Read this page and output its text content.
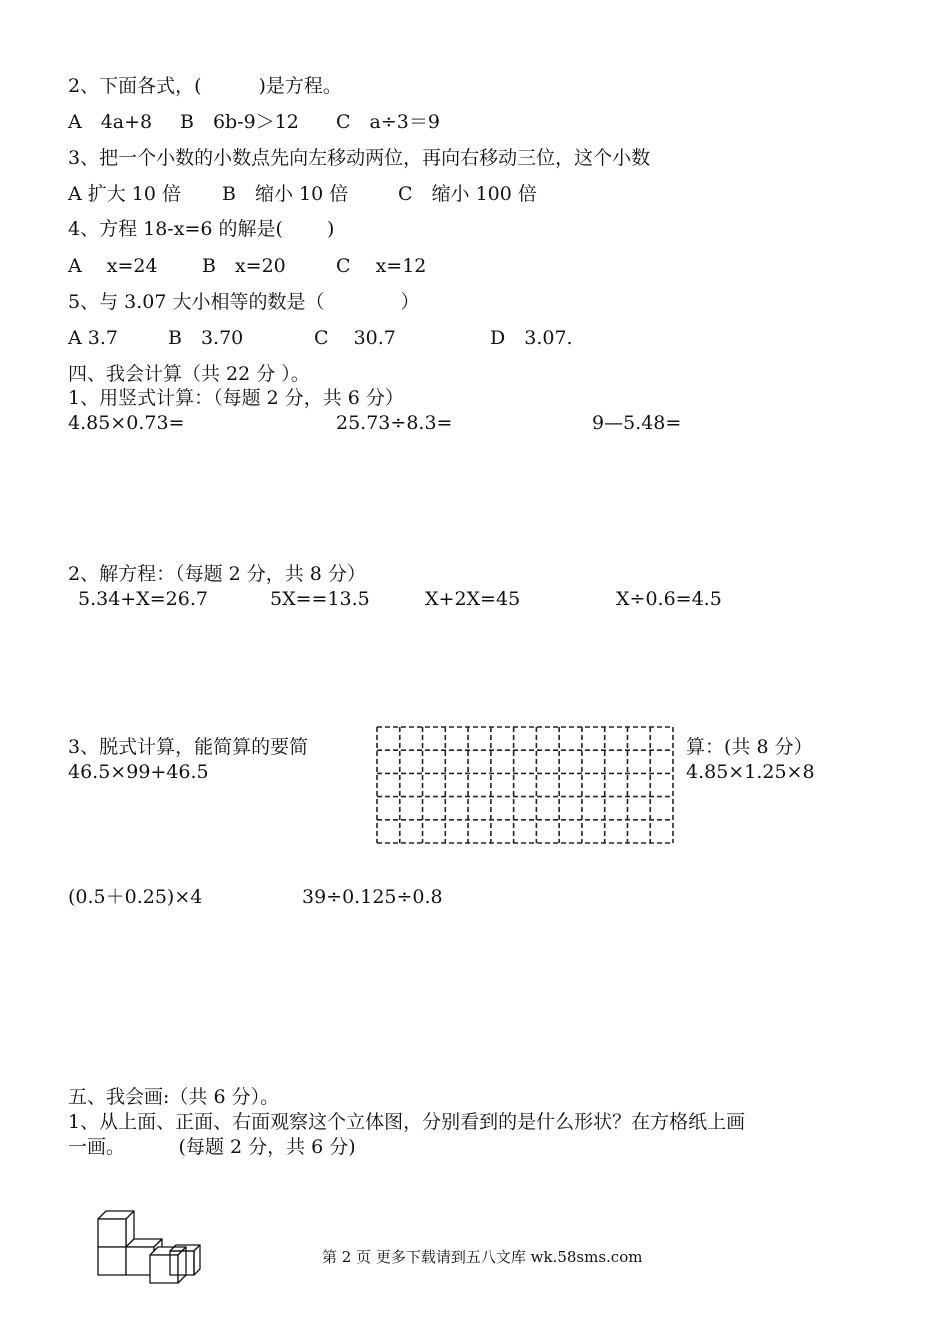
2、下面各式，(　　　)是方程。
A　4a+8 B　6b-9＞12 C　a÷3＝9
3、把一个小数的小数点先向左移动两位，再向右移动三位，这个小数
A 扩大 10 倍 B　缩小 10 倍	C　缩小 100 倍
4、方程 18-x=6 的解是(　　 )
A　 x=24 B　x=20	C　 x=12
5、与 3.07 大小相等的数是（　　　　）
A 3.7	B　3.70	C　 30.7	D　3.07.
四、我会计算（共 22 分 ）。
1、用竖式计算：（每题 2 分，共 6 分）
4.85×0.73=	25.73÷8.3=	9—5.48=
2、解方程：（每题 2 分，共 8 分）
5.34+X=26.7	5X==13.5	X+2X=45	X÷0.6=4.5
3、脱式计算，能简算的要简	算：(共 8 分）
46.5×99+46.5	4.85×1.25×8
(0.5＋0.25)×4	39÷0.125÷0.8
五、我会画:（共 6 分）。
1、从上面、正面、右面观察这个立体图，分别看到的是什么形状？在方格纸上画
一画。　　　 (每题 2 分，共 6 分)
第 2 页 更多下载请到五八文库 wk.58sms.com
